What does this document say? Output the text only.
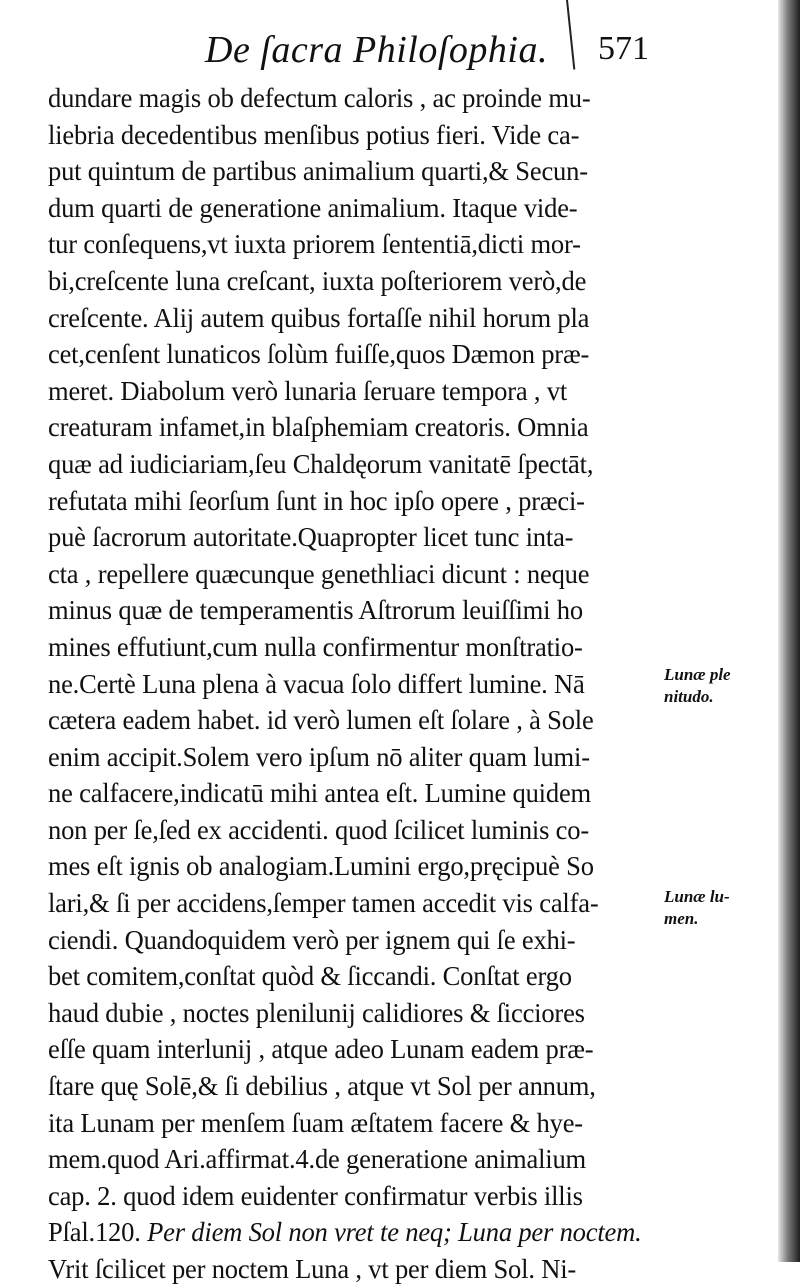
De ſacra Philoſophia. 571
dundare magis ob defectum caloris , ac proinde mu-
liebria decedentibus menſibus potius fieri. Vide ca-
put quintum de partibus animalium quarti,& Secun-
dum quarti de generatione animalium. Itaque vide-
tur conſequens,vt iuxta priorem ſententiā,dicti mor-
bi,creſcente luna creſcant, iuxta poſteriorem verò,de
creſcente. Alij autem quibus fortaſſe nihil horum pla
cet,cenſent lunaticos ſolùm fuiſſe,quos Dæmon præ-
meret. Diabolum verò lunaria ſeruare tempora , vt
creaturam infamet,in blaſphemiam creatoris. Omnia
quæ ad iudiciariam,ſeu Chaldęorum vanitatē ſpectāt,
refutata mihi ſeorſum ſunt in hoc ipſo opere , præci-
puè ſacrorum autoritate.Quapropter licet tunc inta-
cta , repellere quæcunque genethliaci dicunt : neque
minus quæ de temperamentis Aſtrorum leuiſſimi ho
mines effutiunt,cum nulla confirmentur monſtratio-
ne.Certè Luna plena à vacua ſolo differt lumine. Nā
cætera eadem habet. id verò lumen eſt ſolare , à Sole
enim accipit.Solem vero ipſum nō aliter quam lumi-
ne calfacere,indicatū mihi antea eſt. Lumine quidem
non per ſe,ſed ex accidenti. quod ſcilicet luminis co-
mes eſt ignis ob analogiam.Lumini ergo,pręcipuè So
lari,& ſi per accidens,ſemper tamen accedit vis calfa-
ciendi. Quandoquidem verò per ignem qui ſe exhi-
bet comitem,conſtat quòd & ſiccandi. Conſtat ergo
haud dubie , noctes plenilunij calidiores & ſicciores
eſſe quam interlunij , atque adeo Lunam eadem præ-
ſtare quę Solē,& ſi debilius , atque vt Sol per annum,
ita Lunam per menſem ſuam æſtatem facere & hye-
mem.quod Ari.affirmat.4.de generatione animalium
cap. 2. quod idem euidenter confirmatur verbis illis
Pſal.120. Per diem Sol non vret te neq; Luna per noctem.
Vrit ſcilicet per noctem Luna , vt per diem Sol. Ni-
Lunæ ple nitudo.
Lunæ lu- men.
